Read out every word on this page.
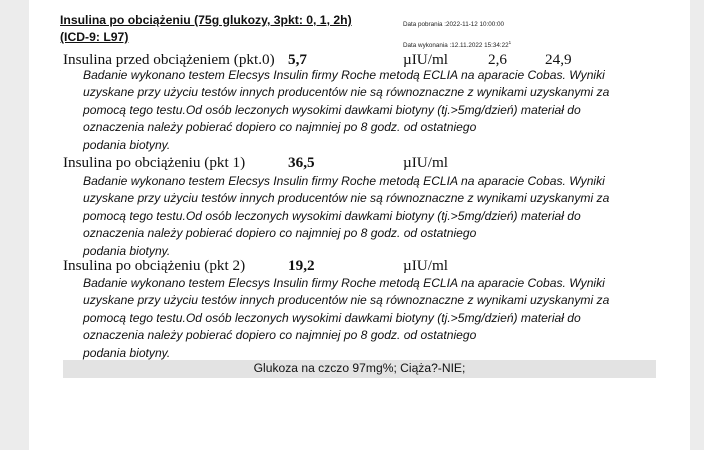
Insulina po obciążeniu (75g glukozy, 3pkt: 0, 1, 2h)
(ICD-9: L97)
Data pobrania :2022-11-12 10:00:00
Data wykonania :12.11.2022 $15:34:22^1$
Insulina przed obciążeniem (pkt.0) 5,7	µIU/ml	2,6	24,9
Badanie wykonano testem Elecsys Insulin firmy Roche metodą ECLIA na aparacie Cobas. Wyniki
uzyskane przy użyciu testów innych producentów nie są równoznaczne z wynikami uzyskanymi za
pomocą tego testu.Od osób leczonych wysokimi dawkami biotyny (tj.>5mg/dzień) materiał do
oznaczenia należy pobierać dopiero co najmniej po 8 godz. od ostatniego
podania biotyny.
Insulina po obciążeniu (pkt 1)	36,5	µIU/ml
Badanie wykonano testem Elecsys Insulin firmy Roche metodą ECLIA na aparacie Cobas. Wyniki
uzyskane przy użyciu testów innych producentów nie są równoznaczne z wynikami uzyskanymi za
pomocą tego testu.Od osób leczonych wysokimi dawkami biotyny (tj.>5mg/dzień) materiał do
oznaczenia należy pobierać dopiero co najmniej po 8 godz. od ostatniego
podania biotyny.
Insulina po obciążeniu (pkt 2)	19,2	µIU/ml
Badanie wykonano testem Elecsys Insulin firmy Roche metodą ECLIA na aparacie Cobas. Wyniki
uzyskane przy użyciu testów innych producentów nie są równoznaczne z wynikami uzyskanymi za
pomocą tego testu.Od osób leczonych wysokimi dawkami biotyny (tj.>5mg/dzień) materiał do
oznaczenia należy pobierać dopiero co najmniej po 8 godz. od ostatniego
podania biotyny.
Glukoza na czczo 97mg%; Ciąża?-NIE;
